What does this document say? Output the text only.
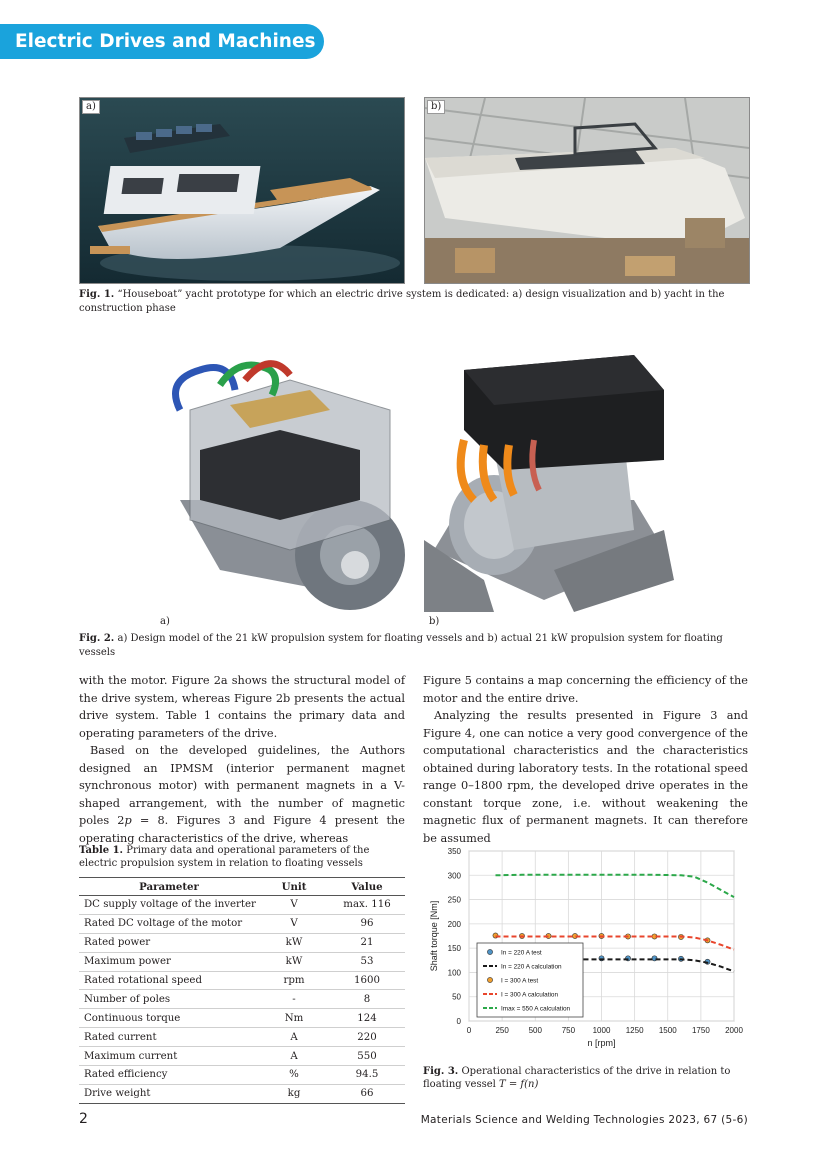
Electric Drives and Machines
a)	b)
Fig. 1. “Houseboat” yacht prototype for which an electric drive system is dedicated: a) design visualization and b) yacht in the construction phase
a)	b)
Fig. 2. a) Design model of the 21 kW propulsion system for floating vessels and b) actual 21 kW propulsion system for floating vessels

with the motor. Figure 2a shows the structural model of the drive system, whereas Figure 2b presents the actual drive system. Table 1 contains the primary data and operating parameters of the drive.

Based on the developed guidelines, the Authors designed an IPMSM (interior permanent magnet synchronous motor) with permanent magnets in a V-shaped arrangement, with the number of magnetic poles 2p = 8. Figures 3 and Figure 4 present the operating characteristics of the drive, whereas

Figure 5 contains a map concerning the efficiency of the motor and the entire drive.

Analyzing the results presented in Figure 3 and Figure 4, one can notice a very good convergence of the computational characteristics and the characteristics obtained during laboratory tests. In the rotational speed range 0–1800 rpm, the developed drive operates in the constant torque zone, i.e. without weakening the magnetic flux of permanent magnets. It can therefore be assumed

Table 1. Primary data and operational parameters of the electric propulsion system in relation to floating vessels
Parameter	Unit	Value
DC supply voltage of the inverter	V	max. 116
Rated DC voltage of the motor	V	96
Rated power	kW	21
Maximum power	kW	53
Rated rotational speed	rpm	1600
Number of poles	-	8
Continuous torque	Nm	124
Rated current	A	220
Maximum current	A	550
Rated efficiency	%	94.5
Drive weight	kg	66
0	250 500 750 1000 1250 1500 1750 2000
0
50
100
150
200
250
300
350
n [rpm]
Shaft torque [Nm]	In = 220 A test
In = 220 A calculation
I = 300 A test
I = 300 A calculation
Imax = 550 A calculation
Fig. 3. Operational characteristics of the drive in relation to floating vessel T = f(n)
2	Materials Science and Welding Technologies 2023, 67 (5-6)
